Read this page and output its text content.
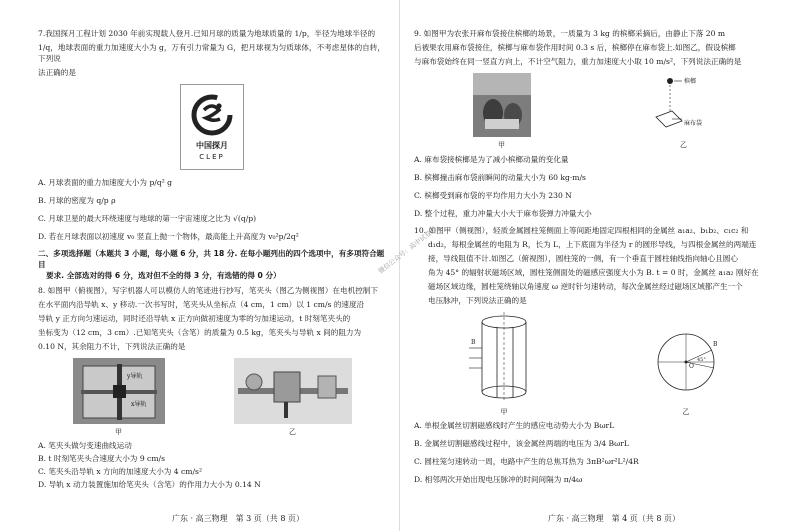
7.我国探月工程计划 2030 年前实现载人登月.已知月球的质量为地球质量的 1/p，半径为地球半径的

1/q，地球表面的重力加速度大小为 g，万有引力常量为 G，把月球视为匀质球体，不考虑星体的自转，下列说

法正确的是

中国探月
CLEP

A. 月球表面的重力加速度大小为 p/q² g

B. 月球的密度为 q/p ρ

C. 月球卫星的最大环绕速度与地球的第一宇宙速度之比为 √(q/p)

D. 若在月球表面以初速度 v₀ 竖直上抛一个物体，最高能上升高度为 v₀²p/2q²

二、多项选择题（本题共 3 小题，每小题 6 分，共 18 分. 在每小题列出的四个选项中，有多项符合题目
要求. 全部选对的得 6 分，选对但不全的得 3 分，有选错的得 0 分）

8. 如图甲（俯视图），写字机器人可以模仿人的笔迹进行抄写，笔夹头（图乙为侧视图）在电机控制下

在水平面内沿导轨 x、y 移动.一次书写时，笔夹头从坐标点（4 cm，1 cm）以 1 cm/s 的速度沿

导轨 y 正方向匀速运动，同时还沿导轨 x 正方向做初速度为零的匀加速运动，t 时刻笔夹头的

坐标变为（12 cm，3 cm）.已知笔夹头（含笔）的质量为 0.5 kg，笔夹头与导轨 x 间的阻力为

0.10 N，其余阻力不计，下列说法正确的是

y导轨
x导轨
甲	乙

A. 笔夹头做匀变速曲线运动

B. t 时刻笔夹头合速度大小为 9 cm/s

C. 笔夹头沿导轨 x 方向的加速度大小为 4 cm/s²

D. 导轨 x 动力装置施加给笔夹头（含笔）的作用力大小为 0.14 N

广东 · 高三物理　第 3 页（共 8 页）

9. 如图甲为农张开麻布袋接住槟榔的场景，一质量为 3 kg 的槟榔采摘后，由静止下落 20 m

后被果农用麻布袋接住，槟榔与麻布袋作用时间 0.3 s 后，槟榔停在麻布袋上.如图乙，假设槟榔

与麻布袋始终在同一竖直方向上，不计空气阻力，重力加速度大小取 10 m/s²，下列说法正确的是

甲
槟榔
麻布袋
乙

A. 麻布袋接槟榔是为了减小槟榔动量的变化量

B. 槟榔撞击麻布袋前瞬间的动量大小为 60 kg·m/s

C. 槟榔受到麻布袋的平均作用力大小为 230 N

D. 整个过程，重力冲量大小大于麻布袋弹力冲量大小

10. 如图甲（侧视图），轻质金属圆柱笼侧面上等间距地固定四根相同的金属丝 a₁a₂、b₁b₂、c₁c₂ 和

d₁d₂，每根金属丝的电阻为 R，长为 L，上下底面为半径为 r 的圆形导线，与四根金属丝的两端连

接，导线阻值不计.如图乙（俯视图），圆柱笼的一侧，有一个垂直于圆柱轴线指向轴心且圆心

角为 45° 的辐射状磁场区域，圆柱笼侧面处的磁感应强度大小为 B. t = 0 时，金属丝 a₁a₂ 刚好在

磁场区域边缘，圆柱笼绕轴以角速度 ω 逆时针匀速转动，每次金属丝经过磁场区域都产生一个

电压脉冲，下列说法正确的是

B
甲
O
45°
B
乙

A. 单根金属丝切割磁感线时产生的感应电动势大小为 BωrL

B. 金属丝切割磁感线过程中，该金属丝两端的电压为 3/4 BωrL

C. 圆柱笼匀速转动一周，电路中产生的总焦耳热为 3πB²ωr²L²/4R

D. 相邻两次开始出现电压脉冲的时间间隔为 π/4ω

广东 · 高三物理　第 4 页（共 8 页）
微信公众号：高中试卷君
